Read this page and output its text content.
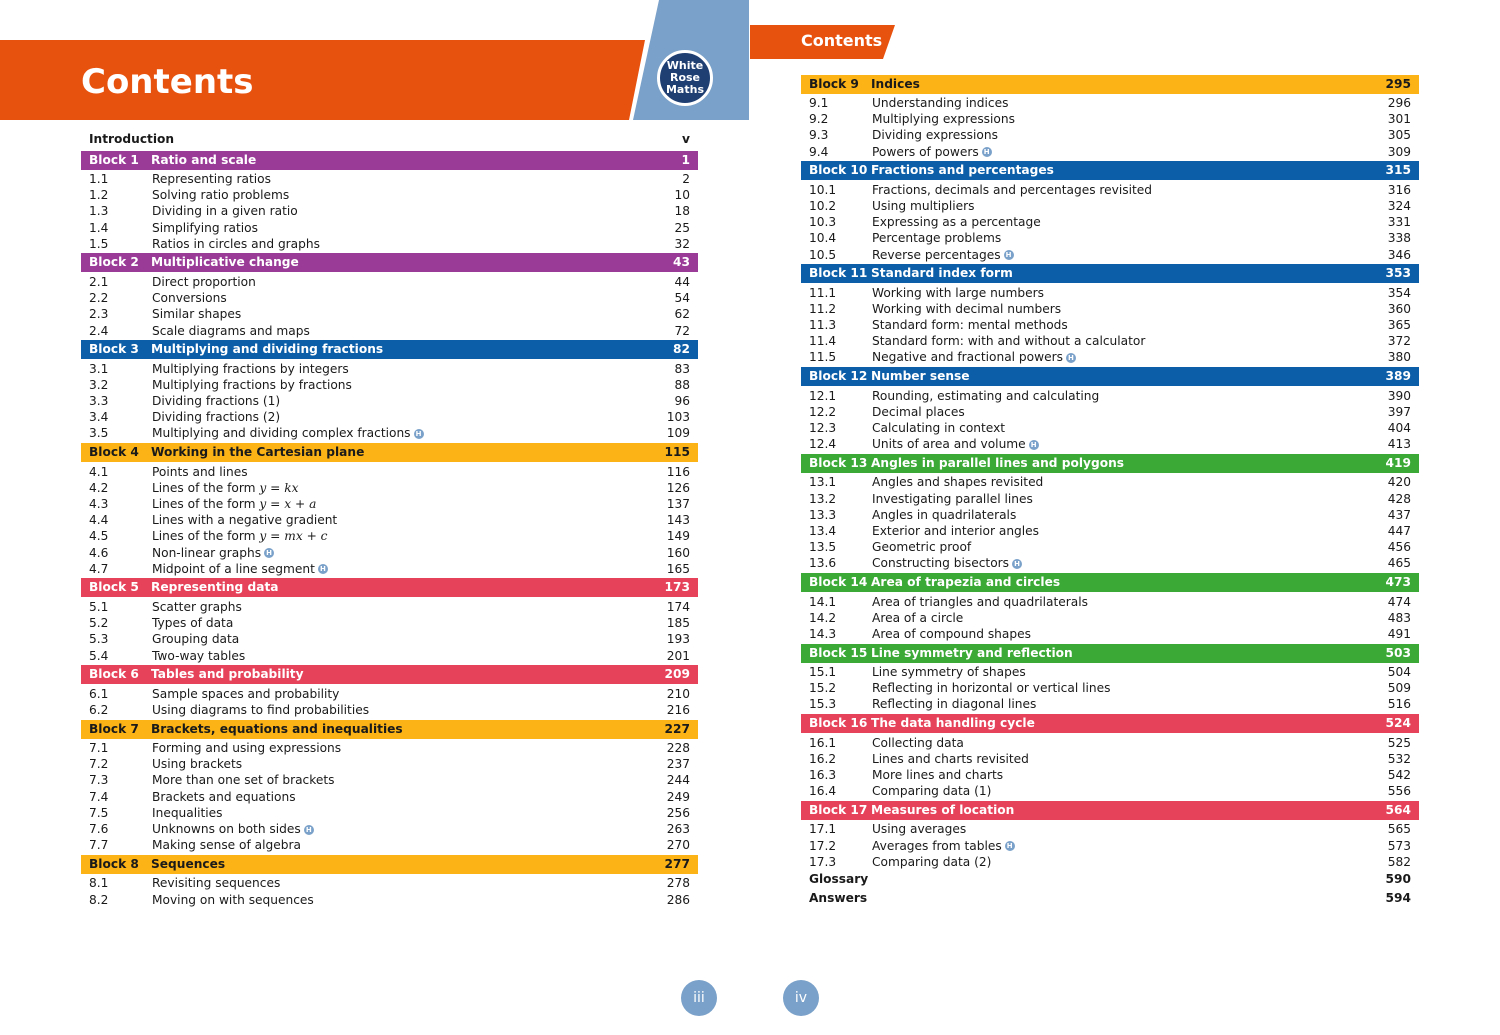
Contents	White
Rose
Maths
Contents
Introduction	v
Block 1 Ratio and scale	1
1.1	Representing ratios	2
1.2	Solving ratio problems	10
1.3	Dividing in a given ratio	18
1.4	Simplifying ratios	25
1.5	Ratios in circles and graphs	32
Block 2 Multiplicative change	43
2.1	Direct proportion	44
2.2	Conversions	54
2.3	Similar shapes	62
2.4	Scale diagrams and maps	72
Block 3 Multiplying and dividing fractions	82
3.1	Multiplying fractions by integers	83
3.2	Multiplying fractions by fractions	88
3.3	Dividing fractions (1)	96
3.4	Dividing fractions (2)	103
3.5	Multiplying and dividing complex fractions H	109
Block 4 Working in the Cartesian plane	115
4.1	Points and lines	116
4.2	Lines of the form y = kx	126
4.3	Lines of the form y = x + a	137
4.4	Lines with a negative gradient	143
4.5	Lines of the form y = mx + c	149
4.6	Non-linear graphs H	160
4.7	Midpoint of a line segment H	165
Block 5 Representing data	173
5.1	Scatter graphs	174
5.2	Types of data	185
5.3	Grouping data	193
5.4	Two-way tables	201
Block 6 Tables and probability	209
6.1	Sample spaces and probability	210
6.2	Using diagrams to find probabilities	216
Block 7 Brackets, equations and inequalities	227
7.1	Forming and using expressions	228
7.2	Using brackets	237
7.3	More than one set of brackets	244
7.4	Brackets and equations	249
7.5	Inequalities	256
7.6	Unknowns on both sides H	263
7.7	Making sense of algebra	270
Block 8 Sequences	277
8.1	Revisiting sequences	278
8.2	Moving on with sequences	286
Block 9 Indices	295
9.1	Understanding indices	296
9.2	Multiplying expressions	301
9.3	Dividing expressions	305
9.4	Powers of powers H	309
Block 10 Fractions and percentages	315
10.1	Fractions, decimals and percentages revisited	316
10.2	Using multipliers	324
10.3	Expressing as a percentage	331
10.4	Percentage problems	338
10.5	Reverse percentages H	346
Block 11 Standard index form	353
11.1	Working with large numbers	354
11.2	Working with decimal numbers	360
11.3	Standard form: mental methods	365
11.4	Standard form: with and without a calculator	372
11.5	Negative and fractional powers H	380
Block 12 Number sense	389
12.1	Rounding, estimating and calculating	390
12.2	Decimal places	397
12.3	Calculating in context	404
12.4	Units of area and volume H	413
Block 13 Angles in parallel lines and polygons	419
13.1	Angles and shapes revisited	420
13.2	Investigating parallel lines	428
13.3	Angles in quadrilaterals	437
13.4	Exterior and interior angles	447
13.5	Geometric proof	456
13.6	Constructing bisectors H	465
Block 14 Area of trapezia and circles	473
14.1	Area of triangles and quadrilaterals	474
14.2	Area of a circle	483
14.3	Area of compound shapes	491
Block 15 Line symmetry and reflection	503
15.1	Line symmetry of shapes	504
15.2	Reflecting in horizontal or vertical lines	509
15.3	Reflecting in diagonal lines	516
Block 16 The data handling cycle	524
16.1	Collecting data	525
16.2	Lines and charts revisited	532
16.3	More lines and charts	542
16.4	Comparing data (1)	556
Block 17 Measures of location	564
17.1	Using averages	565
17.2	Averages from tables H	573
17.3	Comparing data (2)	582
Glossary	590
Answers	594
iii	iv
